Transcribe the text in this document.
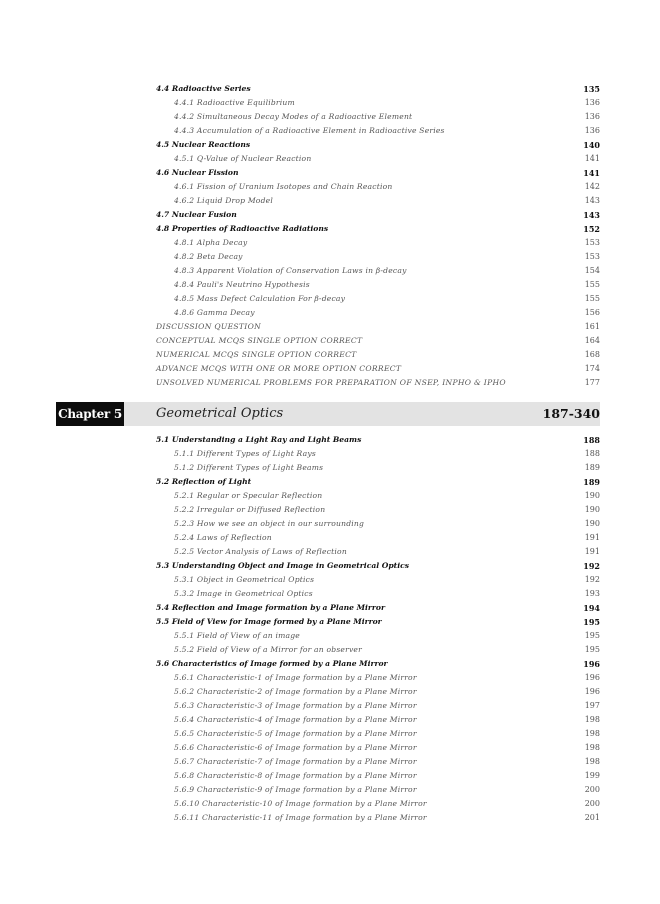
4.4 Radioactive Series	135
4.4.1 Radioactive Equilibrium	136
4.4.2 Simultaneous Decay Modes of a Radioactive Element	136
4.4.3 Accumulation of a Radioactive Element in Radioactive Series	136
4.5 Nuclear Reactions	140
4.5.1 Q-Value of Nuclear Reaction	141
4.6 Nuclear Fission	141
4.6.1 Fission of Uranium Isotopes and Chain Reaction	142
4.6.2 Liquid Drop Model	143
4.7 Nuclear Fusion	143
4.8 Properties of Radioactive Radiations	152
4.8.1 Alpha Decay	153
4.8.2 Beta Decay	153
4.8.3 Apparent Violation of Conservation Laws in β-decay	154
4.8.4 Pauli's Neutrino Hypothesis	155
4.8.5 Mass Defect Calculation For β-decay	155
4.8.6 Gamma Decay	156
DISCUSSION QUESTION	161
CONCEPTUAL MCQS SINGLE OPTION CORRECT	164
NUMERICAL MCQS SINGLE OPTION CORRECT	168
ADVANCE MCQS WITH ONE OR MORE OPTION CORRECT	174
UNSOLVED NUMERICAL PROBLEMS FOR PREPARATION OF NSEP, INPHO & IPHO	177
Chapter 5	Geometrical Optics	187-340
5.1 Understanding a Light Ray and Light Beams	188
5.1.1 Different Types of Light Rays	188
5.1.2 Different Types of Light Beams	189
5.2 Reflection of Light	189
5.2.1 Regular or Specular Reflection	190
5.2.2 Irregular or Diffused Reflection	190
5.2.3 How we see an object in our surrounding	190
5.2.4 Laws of Reflection	191
5.2.5 Vector Analysis of Laws of Reflection	191
5.3 Understanding Object and Image in Geometrical Optics	192
5.3.1 Object in Geometrical Optics	192
5.3.2 Image in Geometrical Optics	193
5.4 Reflection and Image formation by a Plane Mirror	194
5.5 Field of View for Image formed by a Plane Mirror	195
5.5.1 Field of View of an image	195
5.5.2 Field of View of a Mirror for an observer	195
5.6 Characteristics of Image formed by a Plane Mirror	196
5.6.1 Characteristic-1 of Image formation by a Plane Mirror	196
5.6.2 Characteristic-2 of Image formation by a Plane Mirror	196
5.6.3 Characteristic-3 of Image formation by a Plane Mirror	197
5.6.4 Characteristic-4 of Image formation by a Plane Mirror	198
5.6.5 Characteristic-5 of Image formation by a Plane Mirror	198
5.6.6 Characteristic-6 of Image formation by a Plane Mirror	198
5.6.7 Characteristic-7 of Image formation by a Plane Mirror	198
5.6.8 Characteristic-8 of Image formation by a Plane Mirror	199
5.6.9 Characteristic-9 of Image formation by a Plane Mirror	200
5.6.10 Characteristic-10 of Image formation by a Plane Mirror	200
5.6.11 Characteristic-11 of Image formation by a Plane Mirror	201
